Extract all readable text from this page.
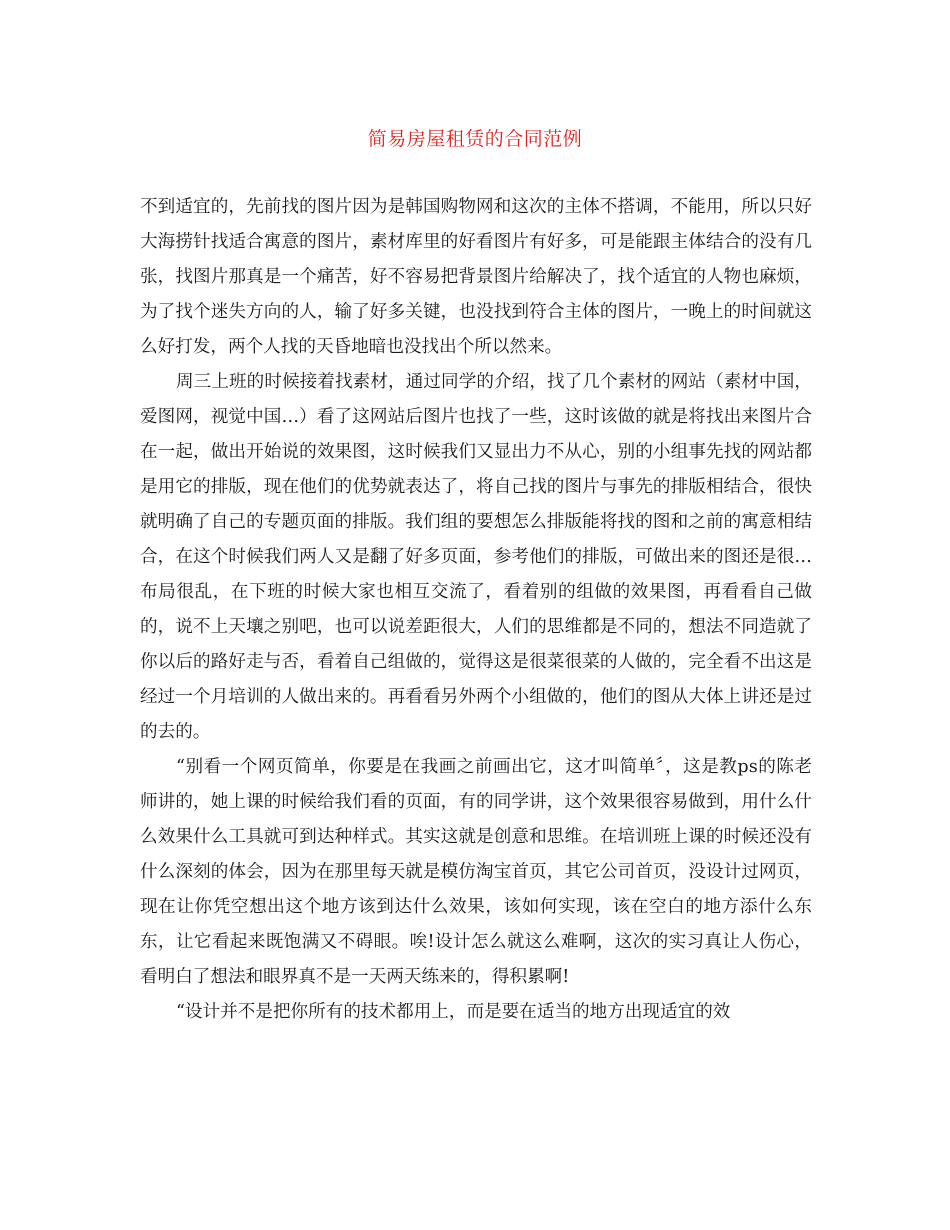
简易房屋租赁的合同范例

不到适宜的，先前找的图片因为是韩国购物网和这次的主体不搭调，不能用，所以只好大海捞针找适合寓意的图片，素材库里的好看图片有好多，可是能跟主体结合的没有几张，找图片那真是一个痛苦，好不容易把背景图片给解决了，找个适宜的人物也麻烦，为了找个迷失方向的人，输了好多关键，也没找到符合主体的图片，一晚上的时间就这么好打发，两个人找的天昏地暗也没找出个所以然来。

周三上班的时候接着找素材，通过同学的介绍，找了几个素材的网站（素材中国，爱图网，视觉中国…）看了这网站后图片也找了一些，这时该做的就是将找出来图片合在一起，做出开始说的效果图，这时候我们又显出力不从心，别的小组事先找的网站都是用它的排版，现在他们的优势就表达了，将自己找的图片与事先的排版相结合，很快就明确了自己的专题页面的排版。我们组的要想怎么排版能将找的图和之前的寓意相结合，在这个时候我们两人又是翻了好多页面，参考他们的排版，可做出来的图还是很…布局很乱，在下班的时候大家也相互交流了，看着别的组做的效果图，再看看自己做的，说不上天壤之别吧，也可以说差距很大，人们的思维都是不同的，想法不同造就了你以后的路好走与否，看着自己组做的，觉得这是很菜很菜的人做的，完全看不出这是经过一个月培训的人做出来的。再看看另外两个小组做的，他们的图从大体上讲还是过的去的。

“别看一个网页简单，你要是在我画之前画出它，这才叫简单〞，这是教ps的陈老师讲的，她上课的时候给我们看的页面，有的同学讲，这个效果很容易做到，用什么什么效果什么工具就可到达种样式。其实这就是创意和思维。在培训班上课的时候还没有什么深刻的体会，因为在那里每天就是模仿淘宝首页，其它公司首页，没设计过网页，现在让你凭空想出这个地方该到达什么效果，该如何实现，该在空白的地方添什么东东，让它看起来既饱满又不碍眼。唉!设计怎么就这么难啊，这次的实习真让人伤心，看明白了想法和眼界真不是一天两天练来的，得积累啊!

“设计并不是把你所有的技术都用上，而是要在适当的地方出现适宜的效
